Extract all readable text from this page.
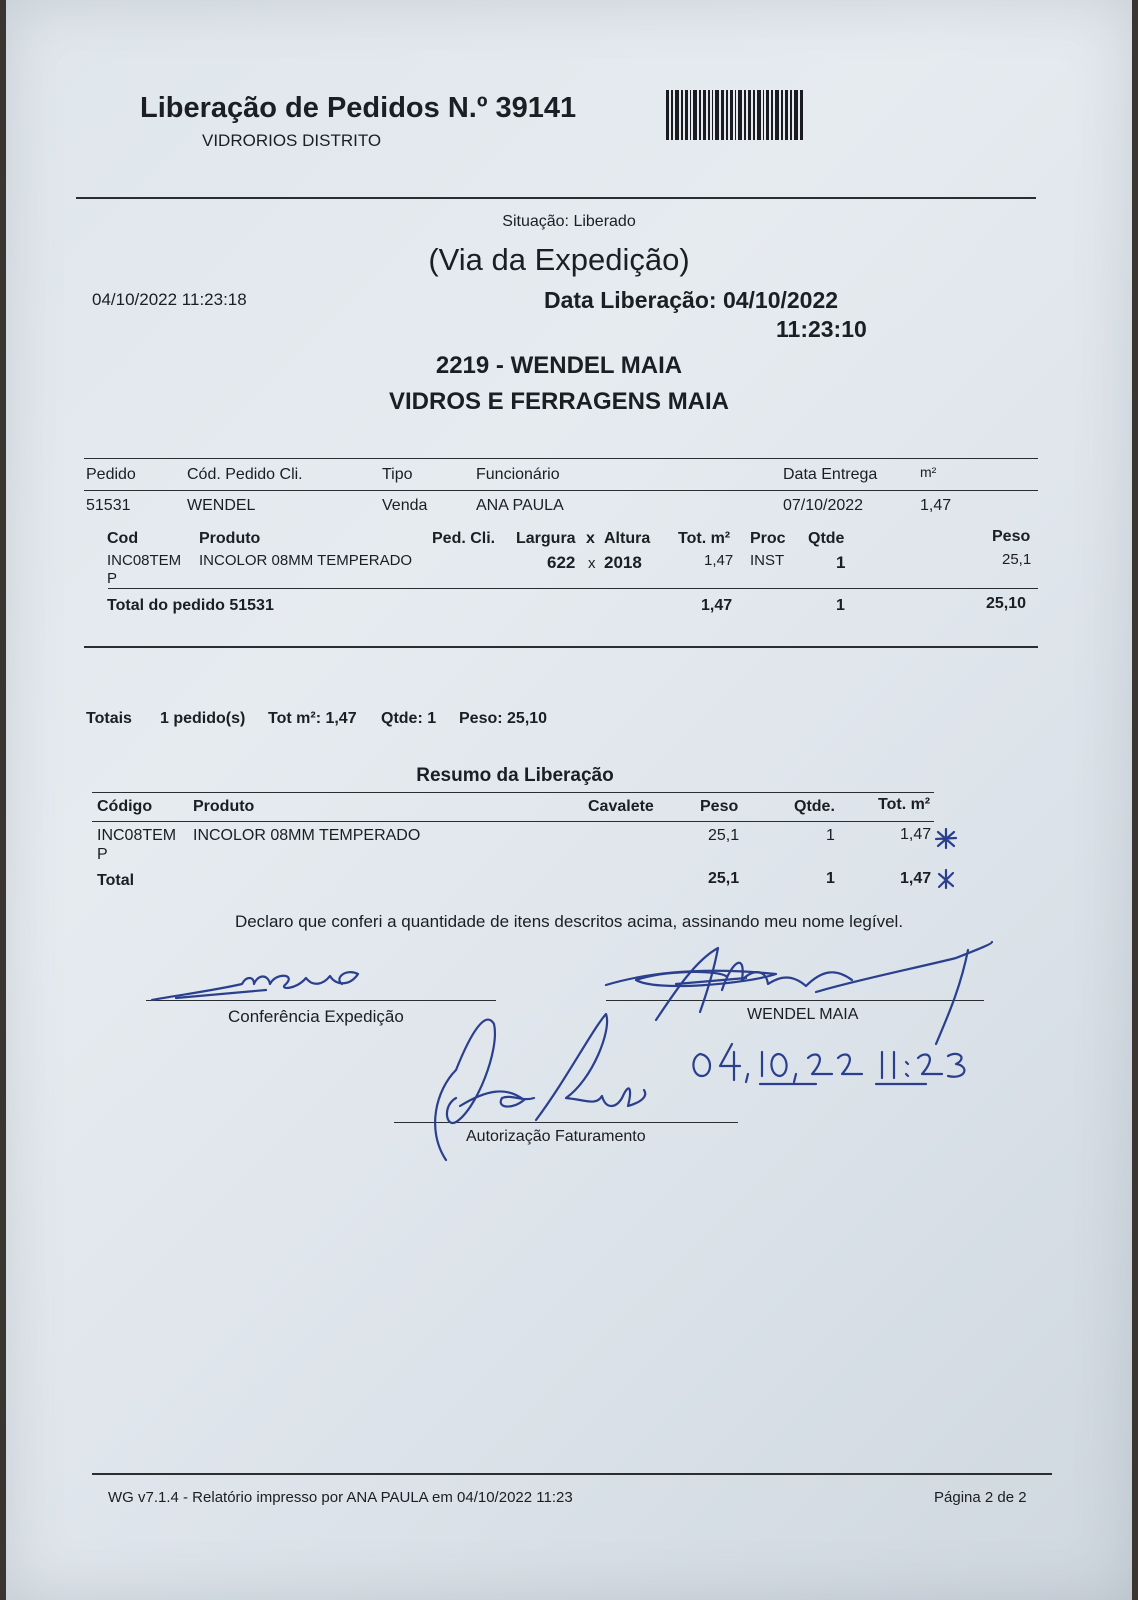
Liberação de Pedidos N.º 39141
VIDRORIOS DISTRITO
Situação: Liberado
(Via da Expedição)
04/10/2022 11:23:18	Data Liberação: 04/10/2022
11:23:10
2219 - WENDEL MAIA
VIDROS E FERRAGENS MAIA
Pedido	Cód. Pedido Cli.	Tipo	Funcionário	Data Entrega	m²
51531	WENDEL	Venda	ANA PAULA	07/10/2022	1,47
Cod	Produto	Ped. Cli. Largura x Altura Tot. m² Proc Qtde	Peso
INC08TEM
P
INCOLOR 08MM TEMPERADO	622 x 2018	1,47 INST	1	25,1
Total do pedido 51531	1,47	1	25,10
Totais 1 pedido(s) Tot m²: 1,47 Qtde: 1 Peso: 25,10
Resumo da Liberação
Código	Produto	Cavalete	Peso	Qtde.	Tot. m²
INC08TEM
P
INCOLOR 08MM TEMPERADO	25,1	1	1,47
Total	25,1	1	1,47
Declaro que conferi a quantidade de itens descritos acima, assinando meu nome legível.
Conferência Expedição	WENDEL MAIA
Autorização Faturamento
WG v7.1.4 - Relatório impresso por ANA PAULA em 04/10/2022 11:23	Página 2 de 2
